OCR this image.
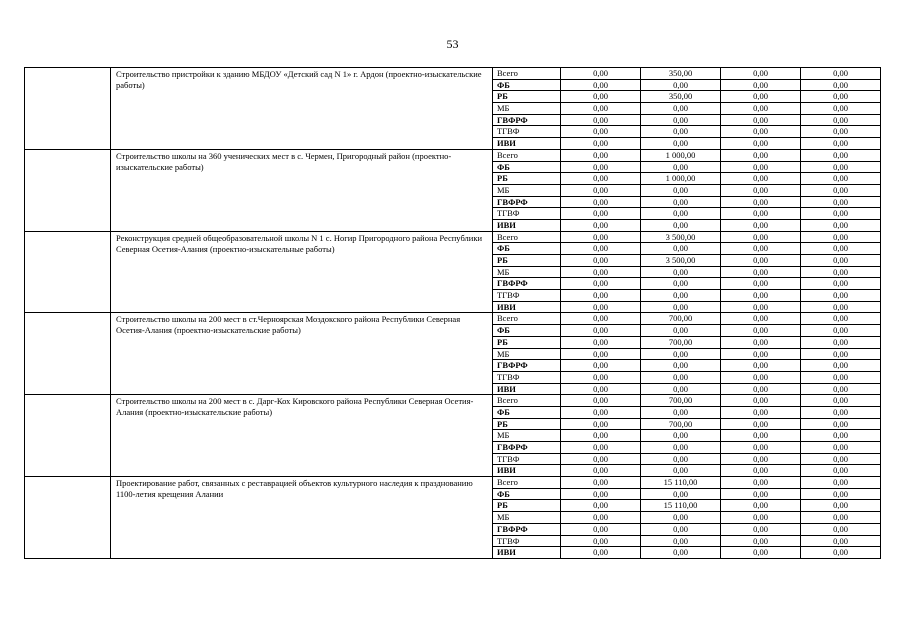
53
	Строительство пристройки к зданию МБДОУ «Детский сад N 1» г. Ардон (проектно-изыскательские работы)	Всего	0,00	350,00	0,00	0,00
		ФБ	0,00	0,00	0,00	0,00
		РБ	0,00	350,00	0,00	0,00
		МБ	0,00	0,00	0,00	0,00
		ГВФРФ	0,00	0,00	0,00	0,00
		ТГВФ	0,00	0,00	0,00	0,00
		ИВИ	0,00	0,00	0,00	0,00
	Строительство школы на 360 ученических мест в с. Чермен, Пригородный район (проектно-изыскательские работы)	Всего	0,00	1 000,00	0,00	0,00
		ФБ	0,00	0,00	0,00	0,00
		РБ	0,00	1 000,00	0,00	0,00
		МБ	0,00	0,00	0,00	0,00
		ГВФРФ	0,00	0,00	0,00	0,00
		ТГВФ	0,00	0,00	0,00	0,00
		ИВИ	0,00	0,00	0,00	0,00
	Реконструкция средней общеобразовательной школы N 1 с. Ногир Пригородного района Республики Северная Осетия-Алания (проектно-изыскательные работы)	Всего	0,00	3 500,00	0,00	0,00
		ФБ	0,00	0,00	0,00	0,00
		РБ	0,00	3 500,00	0,00	0,00
		МБ	0,00	0,00	0,00	0,00
		ГВФРФ	0,00	0,00	0,00	0,00
		ТГВФ	0,00	0,00	0,00	0,00
		ИВИ	0,00	0,00	0,00	0,00
	Строительство школы на 200 мест в ст.Черноярская Моздокского района Республики Северная Осетия-Алания (проектно-изыскательские работы)	Всего	0,00	700,00	0,00	0,00
		ФБ	0,00	0,00	0,00	0,00
		РБ	0,00	700,00	0,00	0,00
		МБ	0,00	0,00	0,00	0,00
		ГВФРФ	0,00	0,00	0,00	0,00
		ТГВФ	0,00	0,00	0,00	0,00
		ИВИ	0,00	0,00	0,00	0,00
	Строительство школы на 200 мест в с. Дарг-Кох Кировского района Республики Северная Осетия-Алания (проектно-изыскательские работы)	Всего	0,00	700,00	0,00	0,00
		ФБ	0,00	0,00	0,00	0,00
		РБ	0,00	700,00	0,00	0,00
		МБ	0,00	0,00	0,00	0,00
		ГВФРФ	0,00	0,00	0,00	0,00
		ТГВФ	0,00	0,00	0,00	0,00
		ИВИ	0,00	0,00	0,00	0,00
	Проектирование работ, связанных с реставрацией объектов культурного наследия к празднованию 1100-летия крещения Алании	Всего	0,00	15 110,00	0,00	0,00
		ФБ	0,00	0,00	0,00	0,00
		РБ	0,00	15 110,00	0,00	0,00
		МБ	0,00	0,00	0,00	0,00
		ГВФРФ	0,00	0,00	0,00	0,00
		ТГВФ	0,00	0,00	0,00	0,00
		ИВИ	0,00	0,00	0,00	0,00
